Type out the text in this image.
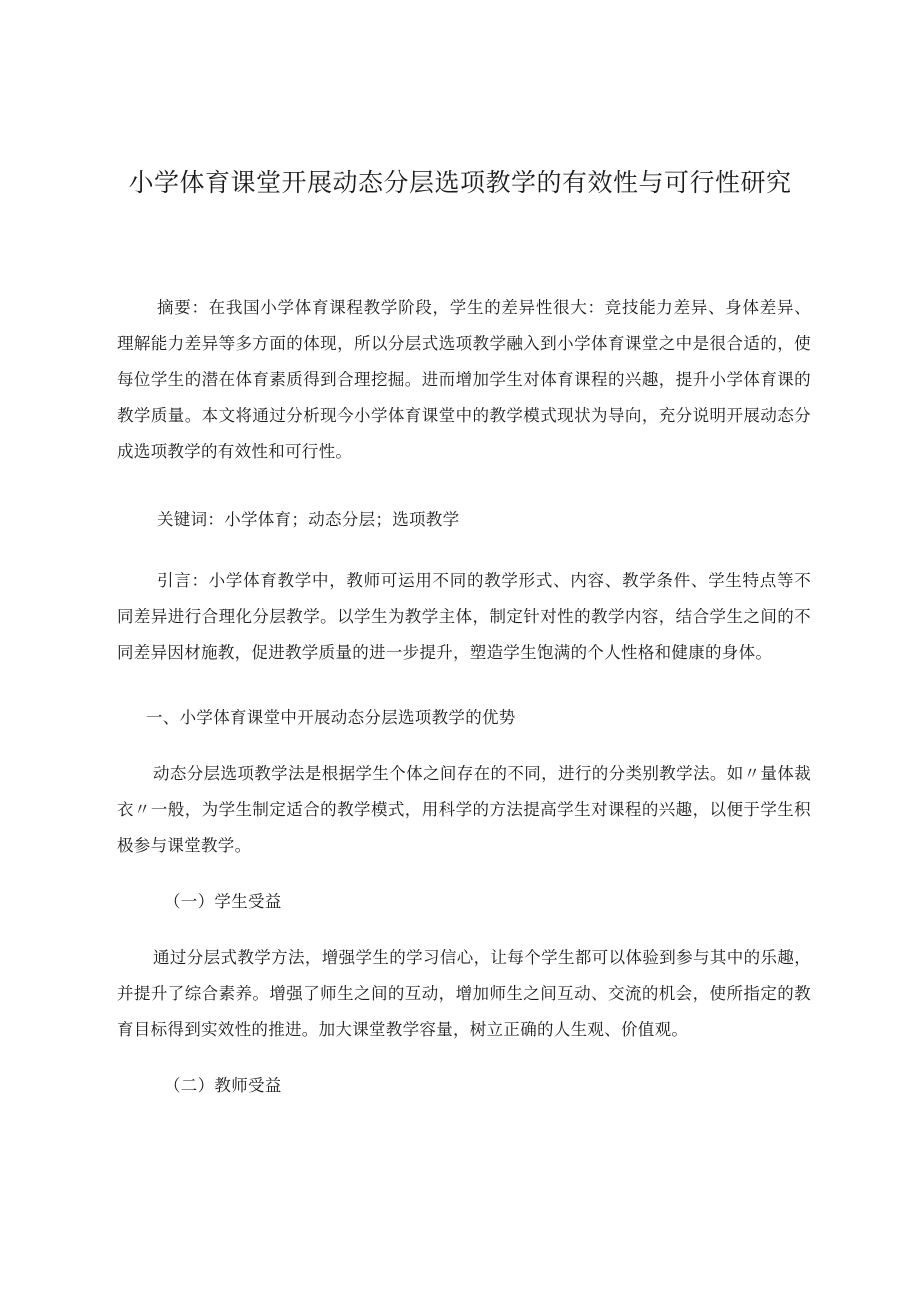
小学体育课堂开展动态分层选项教学的有效性与可行性研究

摘要：在我国小学体育课程教学阶段，学生的差异性很大：竞技能力差异、身体差异、理解能力差异等多方面的体现，所以分层式选项教学融入到小学体育课堂之中是很合适的，使每位学生的潜在体育素质得到合理挖掘。进而增加学生对体育课程的兴趣，提升小学体育课的教学质量。本文将通过分析现今小学体育课堂中的教学模式现状为导向，充分说明开展动态分成选项教学的有效性和可行性。

关键词：小学体育；动态分层；选项教学

引言：小学体育教学中，教师可运用不同的教学形式、内容、教学条件、学生特点等不同差异进行合理化分层教学。以学生为教学主体，制定针对性的教学内容，结合学生之间的不同差异因材施教，促进教学质量的进一步提升，塑造学生饱满的个人性格和健康的身体。

一、小学体育课堂中开展动态分层选项教学的优势

动态分层选项教学法是根据学生个体之间存在的不同，进行的分类别教学法。如〃量体裁衣〃一般，为学生制定适合的教学模式，用科学的方法提高学生对课程的兴趣，以便于学生积极参与课堂教学。

（一）学生受益

通过分层式教学方法，增强学生的学习信心，让每个学生都可以体验到参与其中的乐趣，并提升了综合素养。增强了师生之间的互动，增加师生之间互动、交流的机会，使所指定的教育目标得到实效性的推进。加大课堂教学容量，树立正确的人生观、价值观。

（二）教师受益
